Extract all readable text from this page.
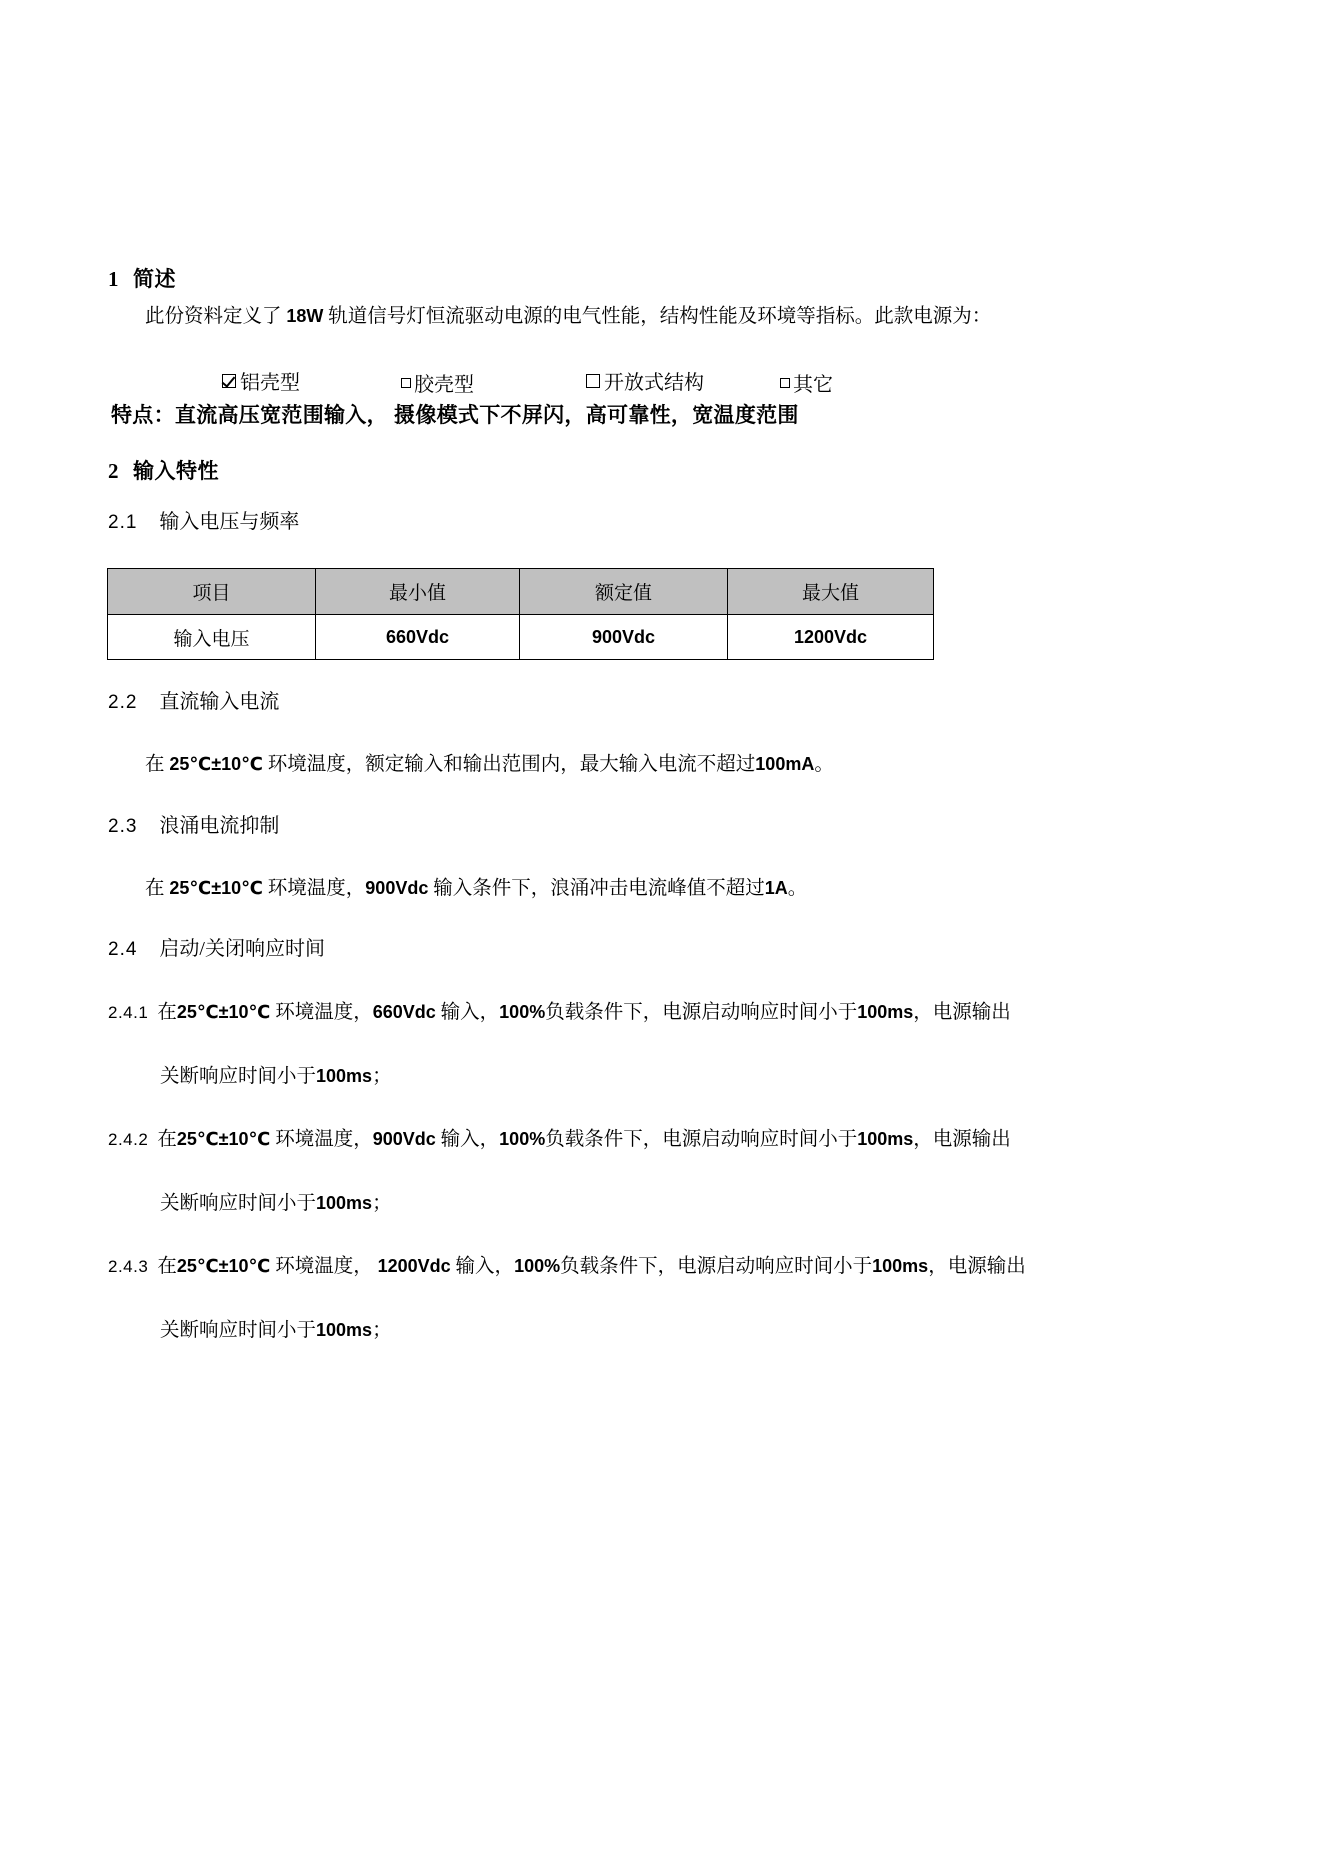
1 简述
此份资料定义了 18W 轨道信号灯恒流驱动电源的电气性能，结构性能及环境等指标。此款电源为：
铝壳型	胶壳型	开放式结构	其它
特点：直流高压宽范围输入， 摄像模式下不屏闪，高可靠性，宽温度范围
2 输入特性
2.1 输入电压与频率
项目	最小值	额定值	最大值
输入电压	660Vdc	900Vdc	1200Vdc
2.2 直流输入电流
在 25℃±10℃ 环境温度，额定输入和输出范围内，最大输入电流不超过100mA。
2.3 浪涌电流抑制
在 25℃±10℃ 环境温度，900Vdc 输入条件下，浪涌冲击电流峰值不超过1A。
2.4 启动/关闭响应时间
2.4.1 在25℃±10℃ 环境温度，660Vdc 输入，100%负载条件下，电源启动响应时间小于100ms，电源输出
关断响应时间小于100ms；
2.4.2 在25℃±10℃ 环境温度，900Vdc 输入，100%负载条件下，电源启动响应时间小于100ms，电源输出
关断响应时间小于100ms；
2.4.3 在25℃±10℃ 环境温度， 1200Vdc 输入，100%负载条件下，电源启动响应时间小于100ms，电源输出
关断响应时间小于100ms；
